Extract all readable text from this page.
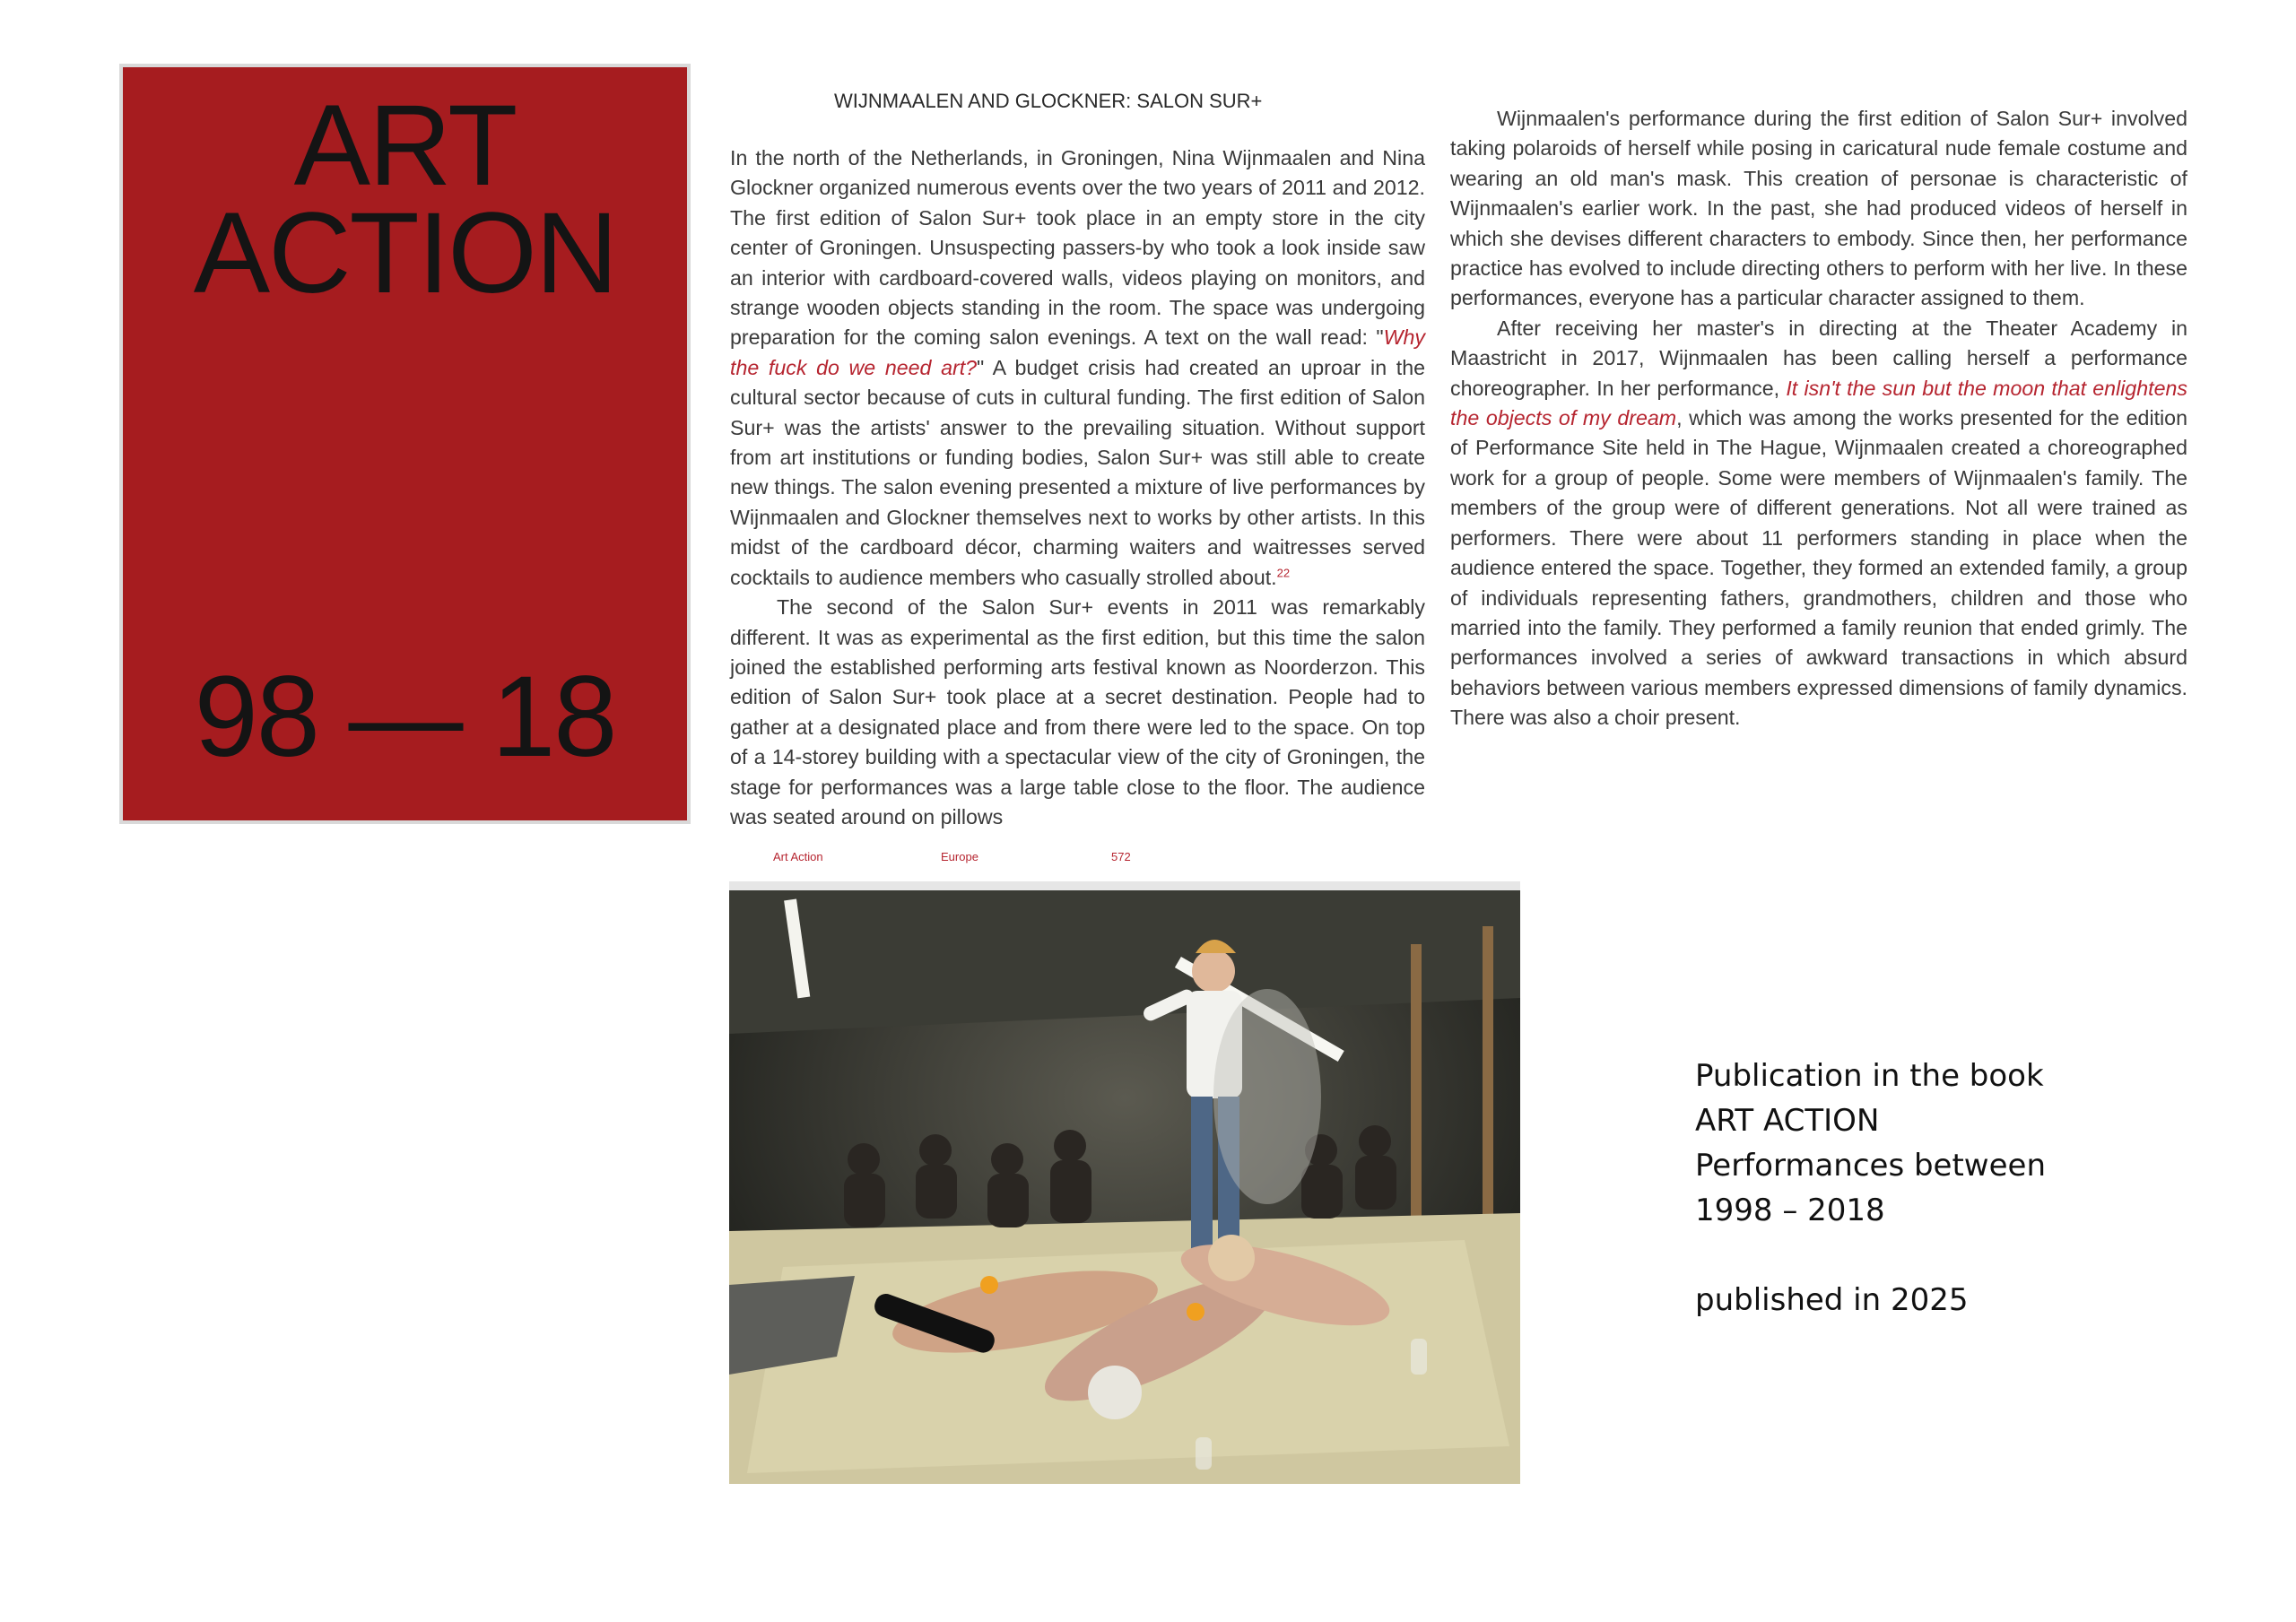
ART
ACTION
98 — 18
WIJNMAALEN AND GLOCKNER: SALON SUR+

In the north of the Netherlands, in Groningen, Nina Wijnmaalen and Nina Glockner organized numerous events over the two years of 2011 and 2012. The first edition of Salon Sur+ took place in an empty store in the city center of Groningen. Unsuspecting passers-by who took a look inside saw an interior with cardboard-covered walls, videos playing on monitors, and strange wooden objects standing in the room. The space was undergoing preparation for the coming salon evenings. A text on the wall read: "Why the fuck do we need art?" A budget crisis had created an uproar in the cultural sector because of cuts in cultural funding. The first edition of Salon Sur+ was the artists' answer to the prevailing situation. Without support from art institutions or funding bodies, Salon Sur+ was still able to create new things. The salon evening presented a mixture of live performances by Wijnmaalen and Glockner themselves next to works by other artists. In this midst of the cardboard décor, charming waiters and waitresses served cocktails to audience members who casually strolled about.$^{22}$

The second of the Salon Sur+ events in 2011 was remarkably different. It was as experimental as the first edition, but this time the salon joined the established performing arts festival known as Noorderzon. This edition of Salon Sur+ took place at a secret destination. People had to gather at a designated place and from there were led to the space. On top of a 14-storey building with a spectacular view of the city of Groningen, the stage for performances was a large table close to the floor. The audience was seated around on pillows

Wijnmaalen's performance during the first edition of Salon Sur+ involved taking polaroids of herself while posing in caricatural nude female costume and wearing an old man's mask. This creation of personae is characteristic of Wijnmaalen's earlier work. In the past, she had produced videos of herself in which she devises different characters to embody. Since then, her performance practice has evolved to include directing others to perform with her live. In these performances, everyone has a particular character assigned to them.

After receiving her master's in directing at the Theater Academy in Maastricht in 2017, Wijnmaalen has been calling herself a performance choreographer. In her performance, It isn't the sun but the moon that enlightens the objects of my dream, which was among the works presented for the edition of Performance Site held in The Hague, Wijnmaalen created a choreographed work for a group of people. Some were members of Wijnmaalen's family. The members of the group were of different generations. Not all were trained as performers. There were about 11 performers standing in place when the audience entered the space. Together, they formed an extended family, a group of individuals representing fathers, grandmothers, children and those who married into the family. They performed a family reunion that ended grimly. The performances involved a series of awkward transactions in which absurd behaviors between various members expressed dimensions of family dynamics. There was also a choir present.

Art Action	Europe	572

Publication in the book ART ACTION

Performances between

1998 – 2018

published in 2025
